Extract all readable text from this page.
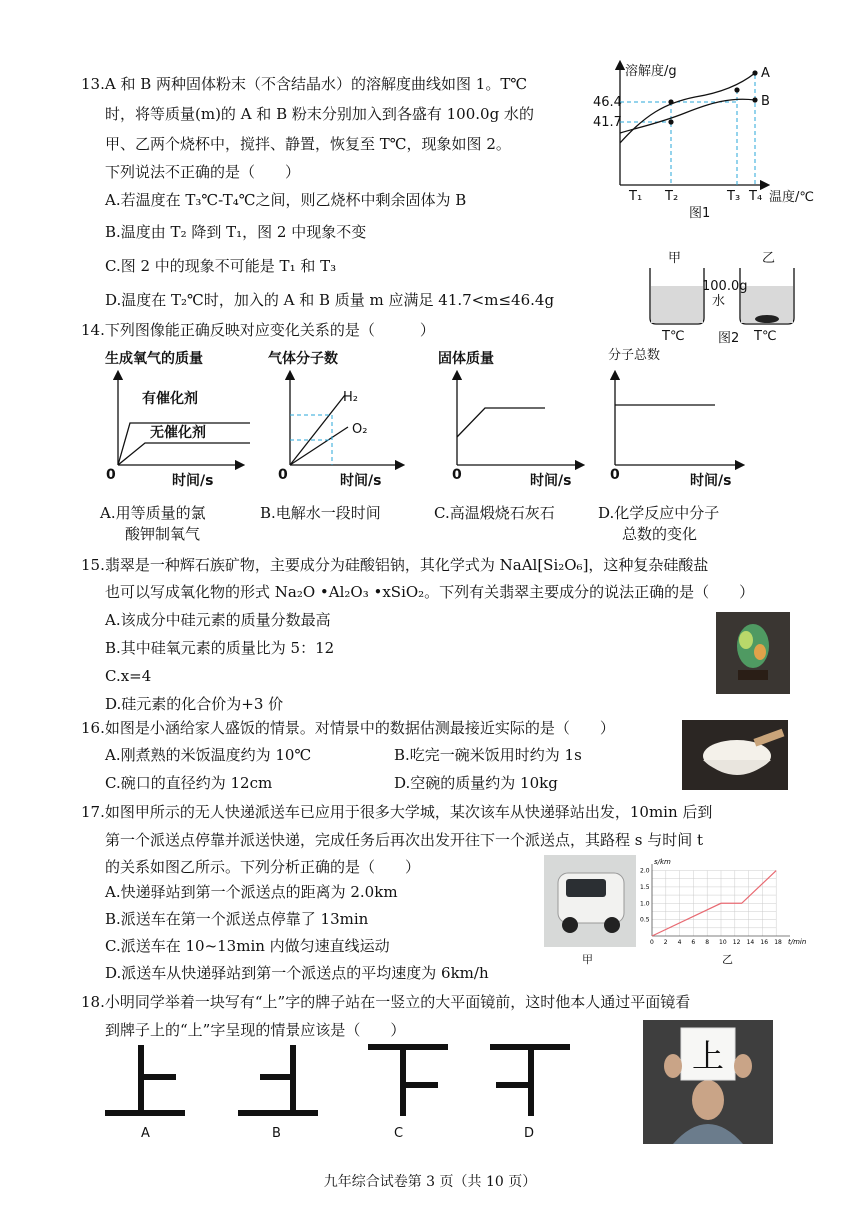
13.A 和 B 两种固体粉末（不含结晶水）的溶解度曲线如图 1。T℃
时，将等质量(m)的 A 和 B 粉末分别加入到各盛有 100.0g 水的
甲、乙两个烧杯中，搅拌、静置，恢复至 T℃，现象如图 2。
下列说法不正确的是（　　）
A.若温度在 T₃℃-T₄℃之间，则乙烧杯中剩余固体为 B
B.温度由 T₂ 降到 T₁，图 2 中现象不变
C.图 2 中的现象不可能是 T₁ 和 T₃
D.温度在 T₂℃时，加入的 A 和 B 质量 m 应满足 41.7<m≤46.4g
溶解度/g
温度/℃
46.4
41.7
A
B
T₁ T₂	T₃ T₄
图1
甲	乙
100.0g
水
T℃	T℃
图2
14.下列图像能正确反映对应变化关系的是（　　　）
生成氧气的质量
有催化剂
无催化剂
0	时间/s
气体分子数
H₂
O₂
0	时间/s
固体质量
0	时间/s
分子总数
0	时间/s
A.用等质量的氯
酸钾制氧气
B.电解水一段时间	C.高温煅烧石灰石	D.化学反应中分子
总数的变化
15.翡翠是一种辉石族矿物，主要成分为硅酸铝钠，其化学式为 NaAl[Si₂O₆]，这种复杂硅酸盐
也可以写成氧化物的形式 Na₂O •Al₂O₃ •xSiO₂。下列有关翡翠主要成分的说法正确的是（　　）
A.该成分中硅元素的质量分数最高
B.其中硅氧元素的质量比为 5：12
C.x=4
D.硅元素的化合价为+3 价
16.如图是小涵给家人盛饭的情景。对情景中的数据估测最接近实际的是（　　）
A.刚煮熟的米饭温度约为 10℃	B.吃完一碗米饭用时约为 1s
C.碗口的直径约为 12cm	D.空碗的质量约为 10kg
17.如图甲所示的无人快递派送车已应用于很多大学城，某次该车从快递驿站出发，10min 后到
第一个派送点停靠并派送快递，完成任务后再次出发开往下一个派送点，其路程 s 与时间 t
的关系如图乙所示。下列分析正确的是（　　）
A.快递驿站到第一个派送点的距离为 2.0km
B.派送车在第一个派送点停靠了 13min
C.派送车在 10~13min 内做匀速直线运动
D.派送车从快递驿站到第一个派送点的平均速度为 6km/h
甲
s/km
t/min
0 2 4 6 8 10 12 14 16 18
0.5
1.0
1.5
2.0
乙
18.小明同学举着一块写有“上”字的牌子站在一竖立的大平面镜前，这时他本人通过平面镜看
到牌子上的“上”字呈现的情景应该是（　　）
A	B	C	D
上
九年综合试卷第 3 页（共 10 页）
